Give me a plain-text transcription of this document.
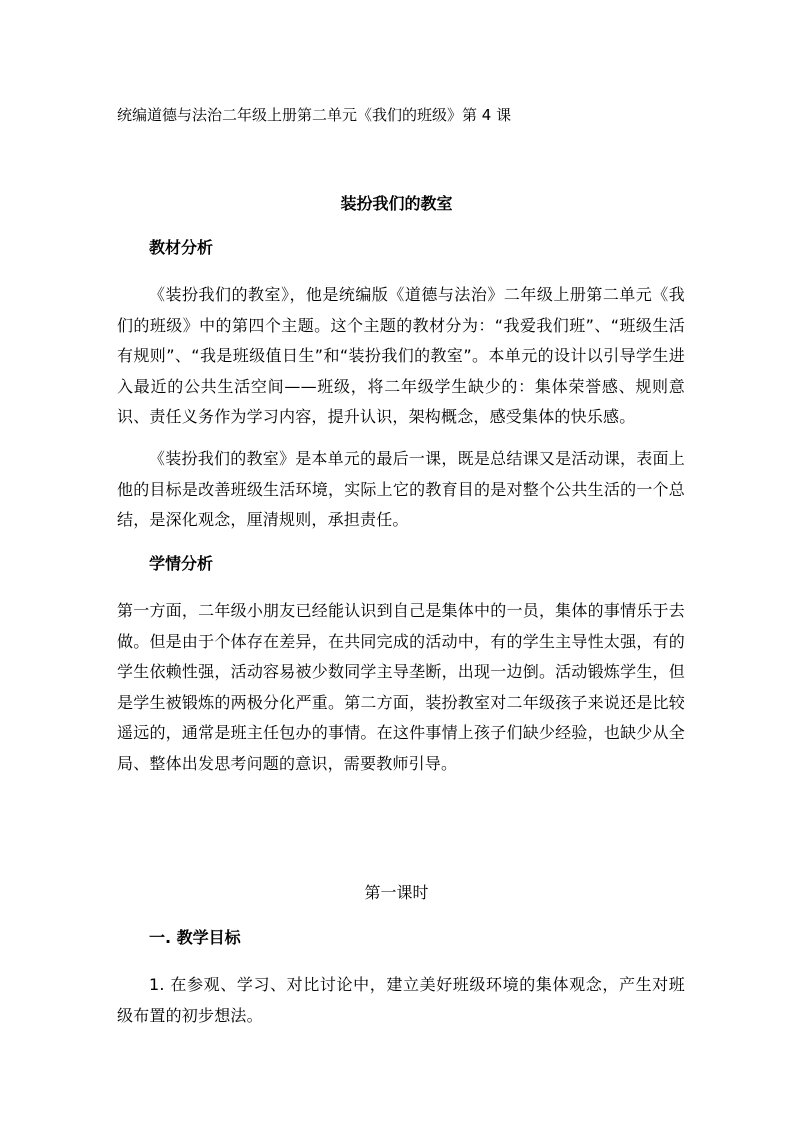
统编道德与法治二年级上册第二单元《我们的班级》第 4 课
装扮我们的教室
教材分析
《装扮我们的教室》，他是统编版《道德与法治》二年级上册第二单元《我们的班级》中的第四个主题。这个主题的教材分为：“我爱我们班”、“班级生活有规则”、“我是班级值日生”和“装扮我们的教室”。本单元的设计以引导学生进入最近的公共生活空间——班级，将二年级学生缺少的：集体荣誉感、规则意识、责任义务作为学习内容，提升认识，架构概念，感受集体的快乐感。
《装扮我们的教室》是本单元的最后一课，既是总结课又是活动课，表面上他的目标是改善班级生活环境，实际上它的教育目的是对整个公共生活的一个总结，是深化观念，厘清规则，承担责任。
学情分析
第一方面，二年级小朋友已经能认识到自己是集体中的一员，集体的事情乐于去做。但是由于个体存在差异，在共同完成的活动中，有的学生主导性太强，有的学生依赖性强，活动容易被少数同学主导垄断，出现一边倒。活动锻炼学生，但是学生被锻炼的两极分化严重。第二方面，装扮教室对二年级孩子来说还是比较遥远的，通常是班主任包办的事情。在这件事情上孩子们缺少经验，也缺少从全局、整体出发思考问题的意识，需要教师引导。
第一课时
一. 教学目标
1. 在参观、学习、对比讨论中，建立美好班级环境的集体观念，产生对班级布置的初步想法。
